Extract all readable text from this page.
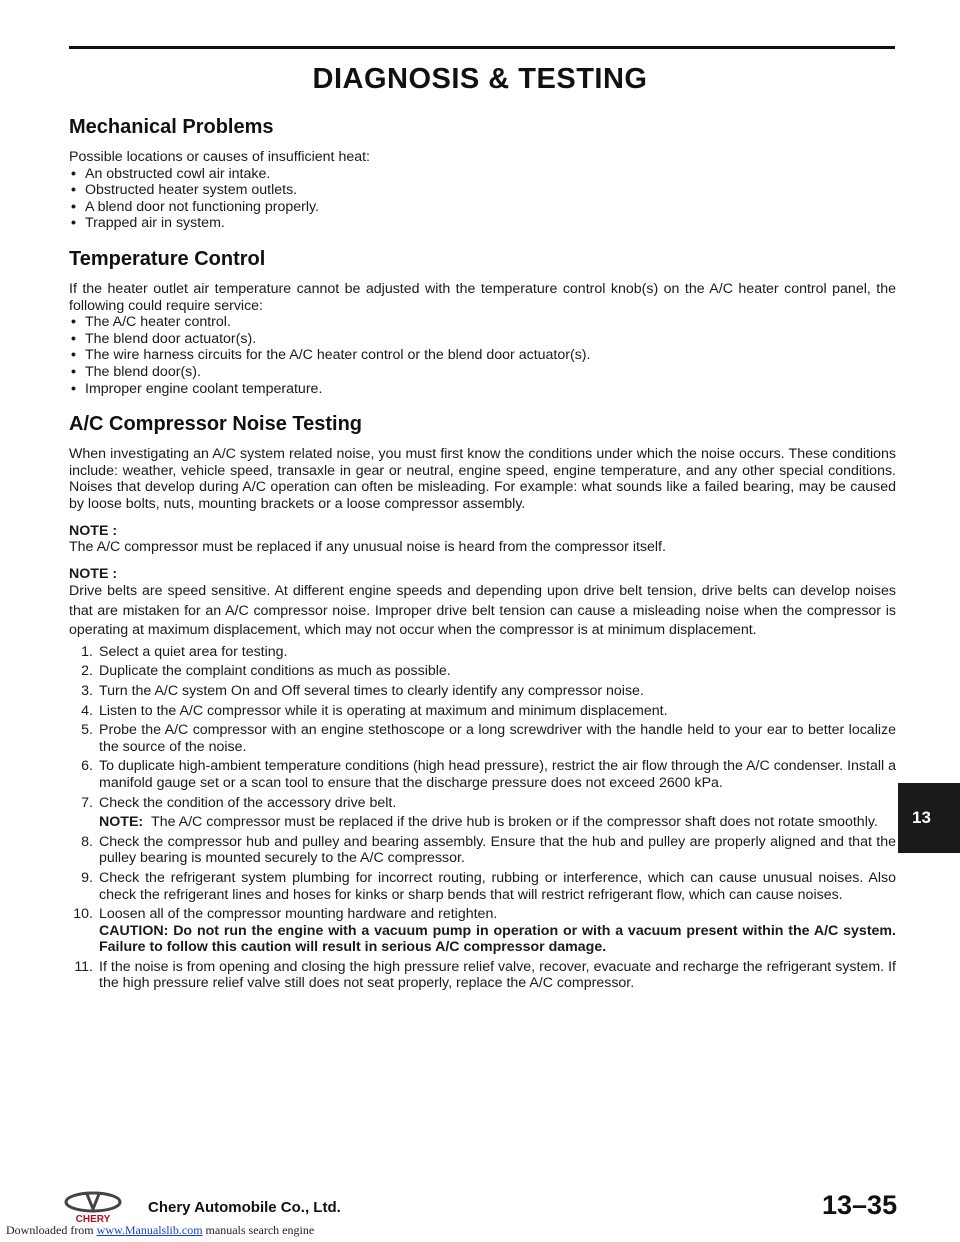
DIAGNOSIS & TESTING
Mechanical Problems

Possible locations or causes of insufficient heat:

• An obstructed cowl air intake.
• Obstructed heater system outlets.
• A blend door not functioning properly.
• Trapped air in system.
Temperature Control

If the heater outlet air temperature cannot be adjusted with the temperature control knob(s) on the A/C heater control panel, the following could require service:

• The A/C heater control.
• The blend door actuator(s).
• The wire harness circuits for the A/C heater control or the blend door actuator(s).
• The blend door(s).
• Improper engine coolant temperature.
A/C Compressor Noise Testing

When investigating an A/C system related noise, you must first know the conditions under which the noise occurs. These conditions include: weather, vehicle speed, transaxle in gear or neutral, engine speed, engine temperature, and any other special conditions. Noises that develop during A/C operation can often be misleading. For example: what sounds like a failed bearing, may be caused by loose bolts, nuts, mounting brackets or a loose compressor assembly.

NOTE :

The A/C compressor must be replaced if any unusual noise is heard from the compressor itself.

NOTE :

Drive belts are speed sensitive. At different engine speeds and depending upon drive belt tension, drive belts can develop noises that are mistaken for an A/C compressor noise. Improper drive belt tension can cause a misleading noise when the compressor is operating at maximum displacement, which may not occur when the compressor is at minimum displacement.

1. Select a quiet area for testing.
2. Duplicate the complaint conditions as much as possible.
3. Turn the A/C system On and Off several times to clearly identify any compressor noise.
4. Listen to the A/C compressor while it is operating at maximum and minimum displacement.
5. Probe the A/C compressor with an engine stethoscope or a long screwdriver with the handle held to your ear to better localize the source of the noise.
6. To duplicate high-ambient temperature conditions (high head pressure), restrict the air flow through the A/C condenser. Install a manifold gauge set or a scan tool to ensure that the discharge pressure does not exceed 2600 kPa.
7. Check the condition of the accessory drive belt.
NOTE: The A/C compressor must be replaced if the drive hub is broken or if the compressor shaft does not rotate smoothly.
8. Check the compressor hub and pulley and bearing assembly. Ensure that the hub and pulley are properly aligned and that the pulley bearing is mounted securely to the A/C compressor.
9. Check the refrigerant system plumbing for incorrect routing, rubbing or interference, which can cause unusual noises. Also check the refrigerant lines and hoses for kinks or sharp bends that will restrict refrigerant flow, which can cause noises.
10. Loosen all of the compressor mounting hardware and retighten.
CAUTION: Do not run the engine with a vacuum pump in operation or with a vacuum present within the A/C system. Failure to follow this caution will result in serious A/C compressor damage.
11. If the noise is from opening and closing the high pressure relief valve, recover, evacuate and recharge the refrigerant system. If the high pressure relief valve still does not seat properly, replace the A/C compressor.
13
CHERY
Chery Automobile Co., Ltd.	13–35
Downloaded from www.Manualslib.com manuals search engine
